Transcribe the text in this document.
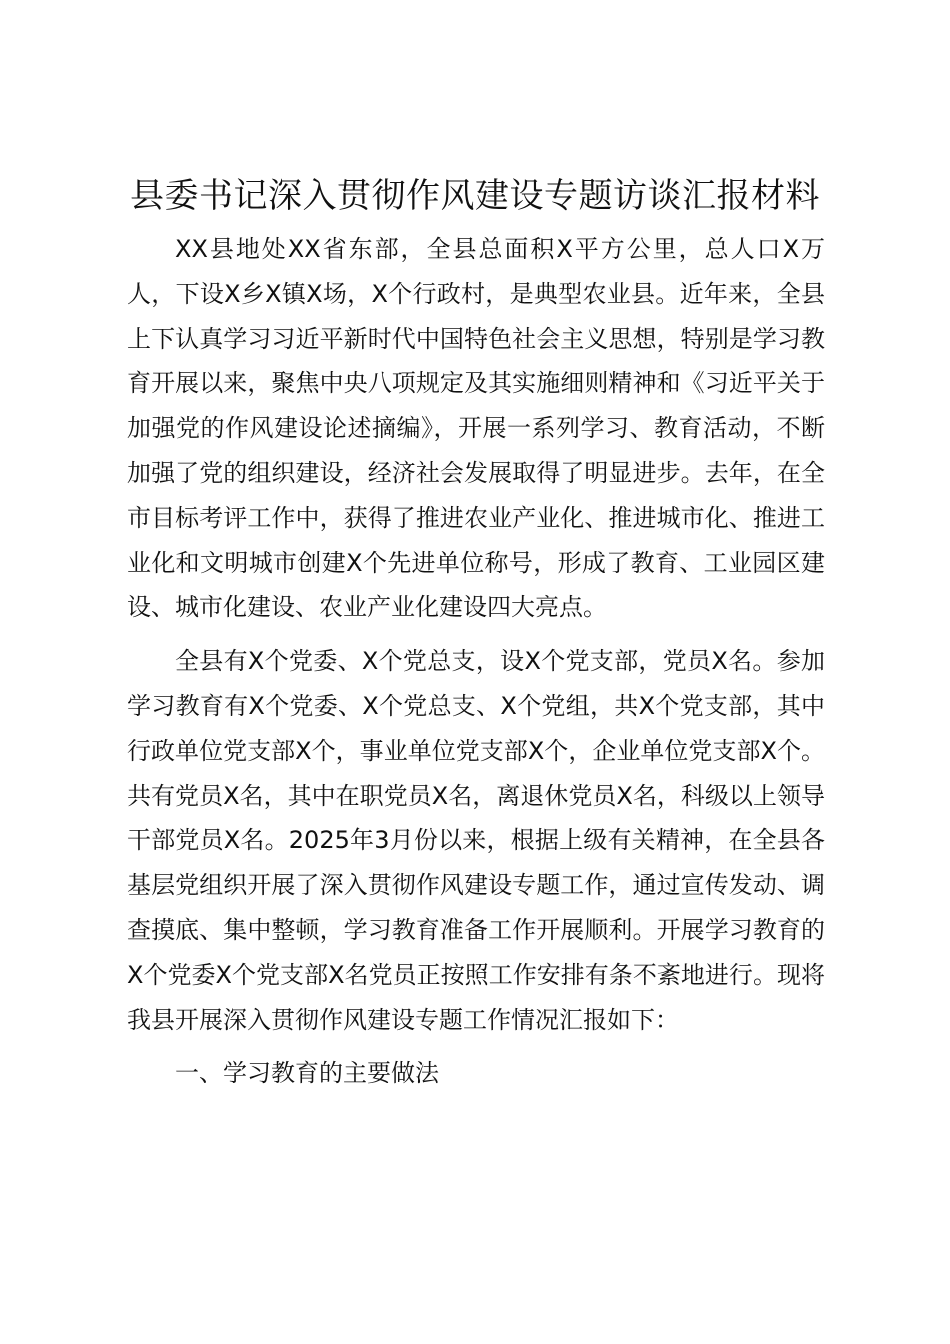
县委书记深入贯彻作风建设专题访谈汇报材料

XX县地处XX省东部，全县总面积X平方公里，总人口X万人，下设X乡X镇X场，X个行政村，是典型农业县。近年来，全县上下认真学习习近平新时代中国特色社会主义思想，特别是学习教育开展以来，聚焦中央八项规定及其实施细则精神和《习近平关于加强党的作风建设论述摘编》，开展一系列学习、教育活动，不断加强了党的组织建设，经济社会发展取得了明显进步。去年，在全市目标考评工作中，获得了推进农业产业化、推进城市化、推进工业化和文明城市创建X个先进单位称号，形成了教育、工业园区建设、城市化建设、农业产业化建设四大亮点。

全县有X个党委、X个党总支，设X个党支部，党员X名。参加学习教育有X个党委、X个党总支、X个党组，共X个党支部，其中行政单位党支部X个，事业单位党支部X个，企业单位党支部X个。共有党员X名，其中在职党员X名，离退休党员X名，科级以上领导干部党员X名。2025年3月份以来，根据上级有关精神，在全县各基层党组织开展了深入贯彻作风建设专题工作，通过宣传发动、调查摸底、集中整顿，学习教育准备工作开展顺利。开展学习教育的X个党委X个党支部X名党员正按照工作安排有条不紊地进行。现将我县开展深入贯彻作风建设专题工作情况汇报如下：

一、学习教育的主要做法
